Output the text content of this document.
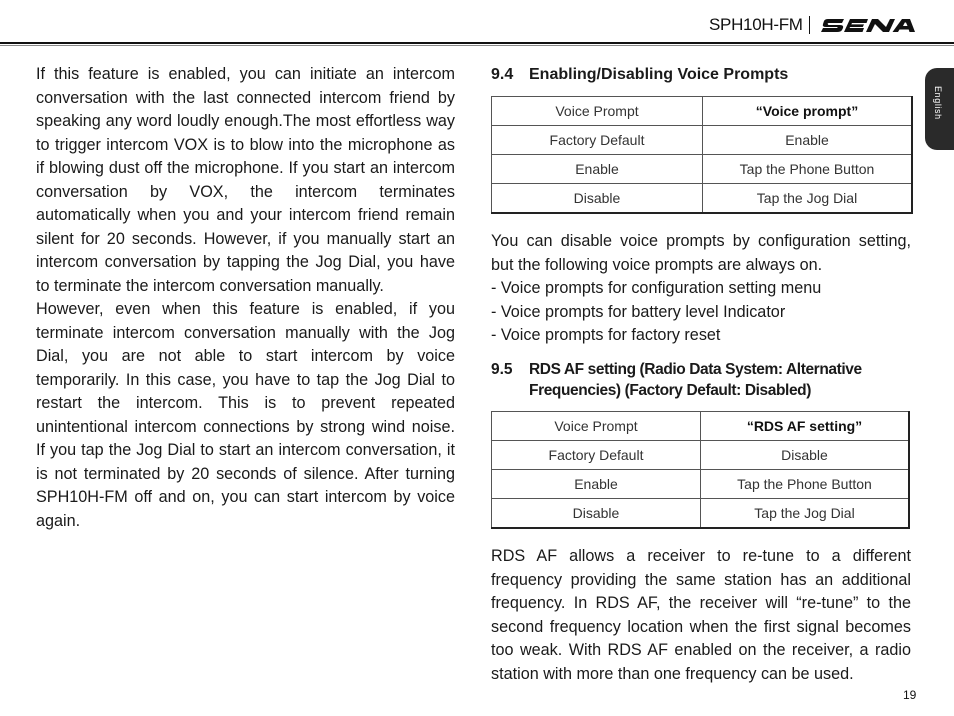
SPH10H-FM
English

If this feature is enabled, you can initiate an intercom conversation with the last connected intercom friend by speaking any word loudly enough.The most effortless way to trigger intercom VOX is to blow into the microphone as if blowing dust off the microphone. If you start an intercom conversation by VOX, the intercom terminates automatically when you and your intercom friend remain silent for 20 seconds. However, if you manually start an intercom conversation by tapping the Jog Dial, you have to terminate the intercom conversation manually.

However, even when this feature is enabled, if you terminate intercom conversation manually with the Jog Dial, you are not able to start intercom by voice temporarily. In this case, you have to tap the Jog Dial to restart the intercom. This is to prevent repeated unintentional intercom connections by strong wind noise. If you tap the Jog Dial to start an intercom conversation, it is not terminated by 20 seconds of silence. After turning SPH10H-FM off and on, you can start intercom by voice again.

9.4 Enabling/Disabling Voice Prompts
Voice Prompt	“Voice prompt”
Factory Default	Enable
Enable	Tap the Phone Button
Disable	Tap the Jog Dial

You can disable voice prompts by configuration setting, but the following voice prompts are always on.

- Voice prompts for configuration setting menu
- Voice prompts for battery level Indicator
- Voice prompts for factory reset
9.5	RDS AF setting (Radio Data System: Alternative Frequencies) (Factory Default: Disabled)
Voice Prompt	“RDS AF setting”
Factory Default	Disable
Enable	Tap the Phone Button
Disable	Tap the Jog Dial

RDS AF allows a receiver to re-tune to a different frequency providing the same station has an additional frequency. In RDS AF, the receiver will “re-tune” to the second frequency location when the first signal becomes too weak. With RDS AF enabled on the receiver, a radio station with more than one frequency can be used.

19
